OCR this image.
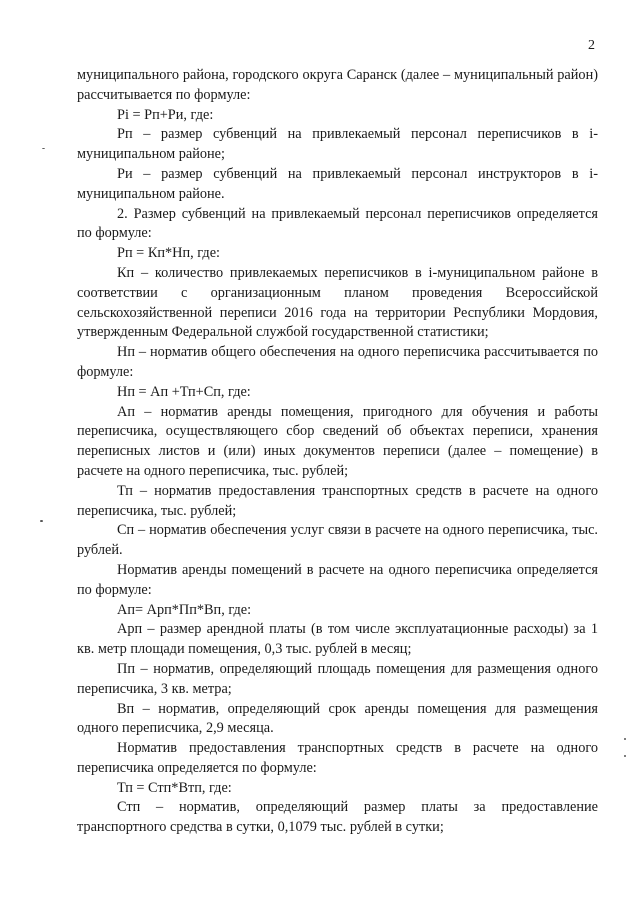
2

муниципального района, городского округа Саранск (далее – муниципальный район) рассчитывается по формуле:

Рi = Рп+Ри, где:

Рп – размер субвенций на привлекаемый персонал переписчиков в i- муниципальном районе;

Ри – размер субвенций на привлекаемый персонал инструкторов в i- муниципальном районе.

2. Размер субвенций на привлекаемый персонал переписчиков определяется по формуле:

Рп = Кп*Нп, где:

Кп – количество привлекаемых переписчиков в i-муниципальном районе в соответствии с организационным планом проведения Всероссийской сельскохозяйственной переписи 2016 года на территории Республики Мордовия, утвержденным Федеральной службой государственной статистики;

Нп – норматив общего обеспечения на одного переписчика рассчитывается по формуле:

Нп = Ап +Тп+Сп, где:

Ап – норматив аренды помещения, пригодного для обучения и работы переписчика, осуществляющего сбор сведений об объектах переписи, хранения переписных листов и (или) иных документов переписи (далее – помещение) в расчете на одного переписчика, тыс. рублей;

Тп – норматив предоставления транспортных средств в расчете на одного переписчика, тыс. рублей;

Сп – норматив обеспечения услуг связи в расчете на одного переписчика, тыс. рублей.

Норматив аренды помещений в расчете на одного переписчика определяется по формуле:

Ап= Арп*Пп*Вп, где:

Арп – размер арендной платы (в том числе эксплуатационные расходы) за 1 кв. метр площади помещения, 0,3 тыс. рублей в месяц;

Пп – норматив, определяющий площадь помещения для размещения одного переписчика, 3 кв. метра;

Вп – норматив, определяющий срок аренды помещения для размещения одного переписчика, 2,9 месяца.

Норматив предоставления транспортных средств в расчете на одного переписчика определяется по формуле:

Тп = Стп*Втп, где:

Стп – норматив, определяющий размер платы за предоставление транспортного средства в сутки, 0,1079 тыс. рублей в сутки;
